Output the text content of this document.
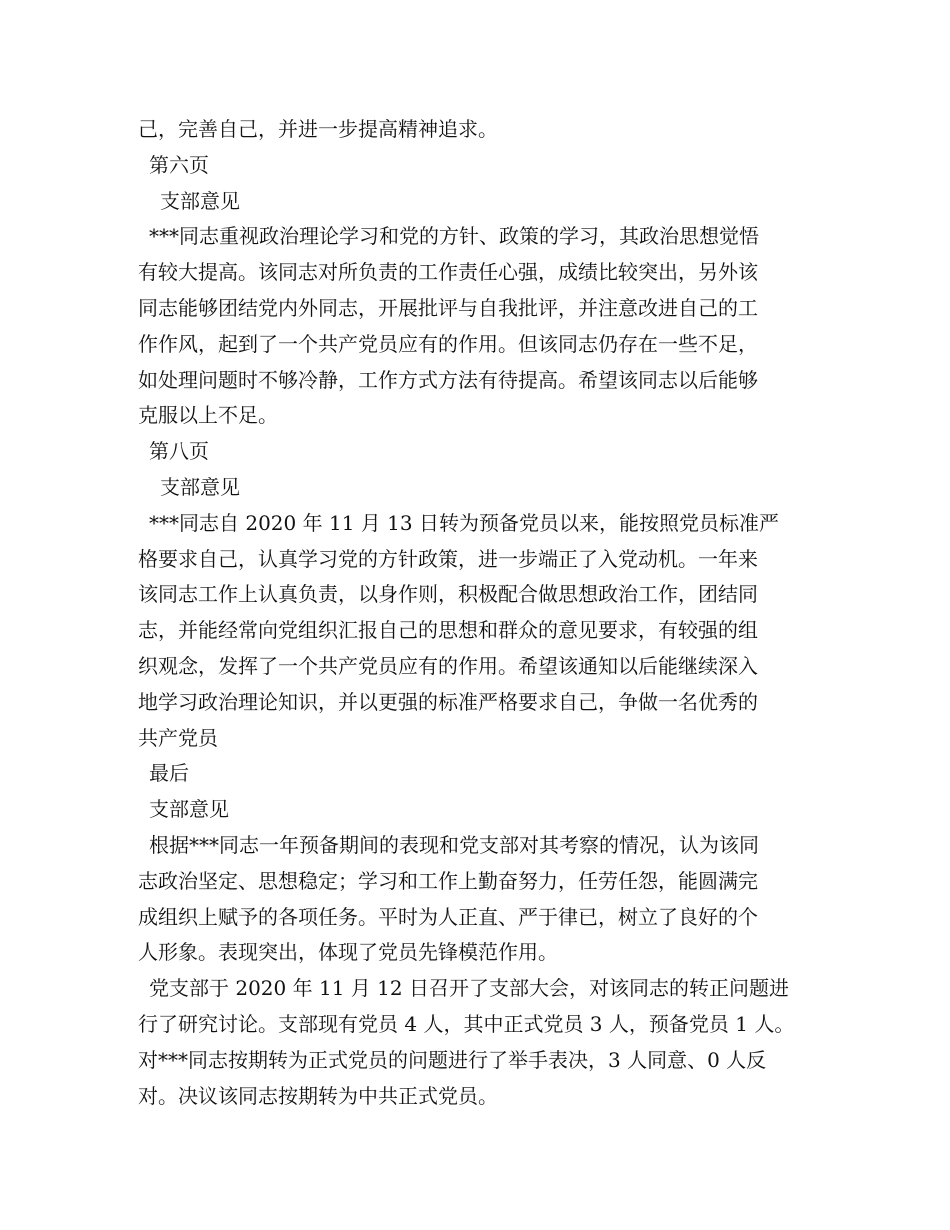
己，完善自己，并进一步提高精神追求。
第六页
支部意见
***同志重视政治理论学习和党的方针、政策的学习，其政治思想觉悟
有较大提高。该同志对所负责的工作责任心强，成绩比较突出，另外该
同志能够团结党内外同志，开展批评与自我批评，并注意改进自己的工
作作风，起到了一个共产党员应有的作用。但该同志仍存在一些不足，
如处理问题时不够冷静，工作方式方法有待提高。希望该同志以后能够
克服以上不足。
第八页
支部意见
***同志自 2020 年 11 月 13 日转为预备党员以来，能按照党员标准严
格要求自己，认真学习党的方针政策，进一步端正了入党动机。一年来
该同志工作上认真负责，以身作则，积极配合做思想政治工作，团结同
志，并能经常向党组织汇报自己的思想和群众的意见要求，有较强的组
织观念，发挥了一个共产党员应有的作用。希望该通知以后能继续深入
地学习政治理论知识，并以更强的标准严格要求自己，争做一名优秀的
共产党员
最后
支部意见
根据***同志一年预备期间的表现和党支部对其考察的情况，认为该同
志政治坚定、思想稳定；学习和工作上勤奋努力，任劳任怨，能圆满完
成组织上赋予的各项任务。平时为人正直、严于律已，树立了良好的个
人形象。表现突出，体现了党员先锋模范作用。
党支部于 2020 年 11 月 12 日召开了支部大会，对该同志的转正问题进
行了研究讨论。支部现有党员 4 人，其中正式党员 3 人，预备党员 1 人。
对***同志按期转为正式党员的问题进行了举手表决，3 人同意、0 人反
对。决议该同志按期转为中共正式党员。
